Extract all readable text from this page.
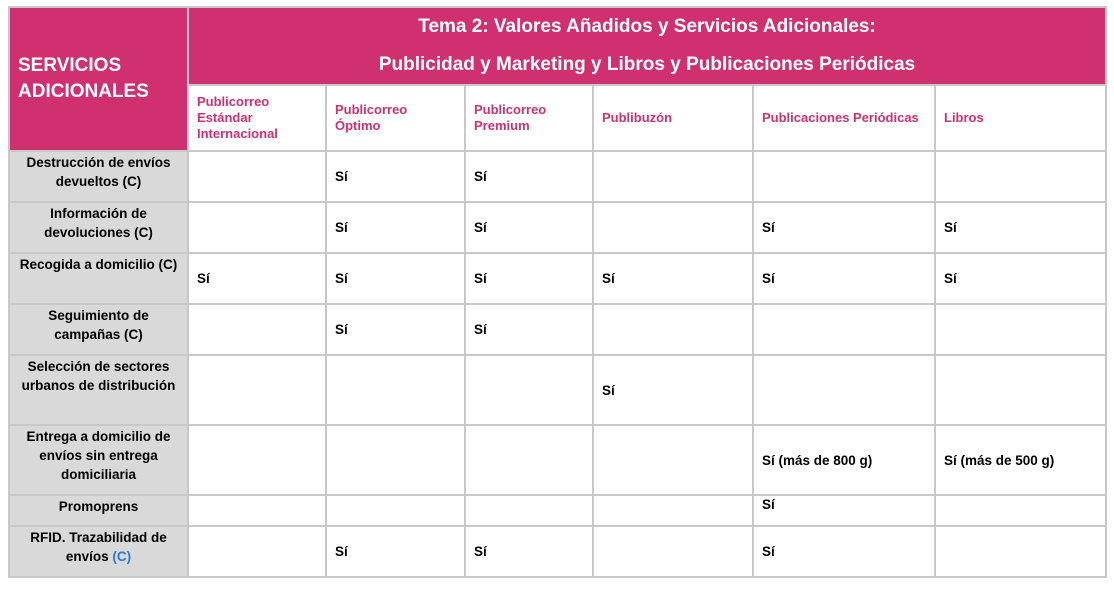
SERVICIOS ADICIONALES	Tema 2: Valores Añadidos y Servicios Adicionales:
Publicidad y Marketing y Libros y Publicaciones Periódicas					

	Publicorreo Estándar Internacional	Publicorreo Óptimo	Publicorreo Premium	Publibuzón	Publicaciones Periódicas	Libros
Destrucción de envíos devueltos (C)		Sí	Sí			
Información de devoluciones (C)		Sí	Sí		Sí	Sí
Recogida a domicilio (C)	Sí	Sí	Sí	Sí	Sí	Sí
Seguimiento de campañas (C)		Sí	Sí			
Selección de sectores urbanos de distribución				Sí		
Entrega a domicilio de envíos sin entrega domiciliaria					Sí (más de 800 g)	Sí (más de 500 g)
Promoprens					Sí	
RFID. Trazabilidad de envíos (C)		Sí	Sí		Sí	
